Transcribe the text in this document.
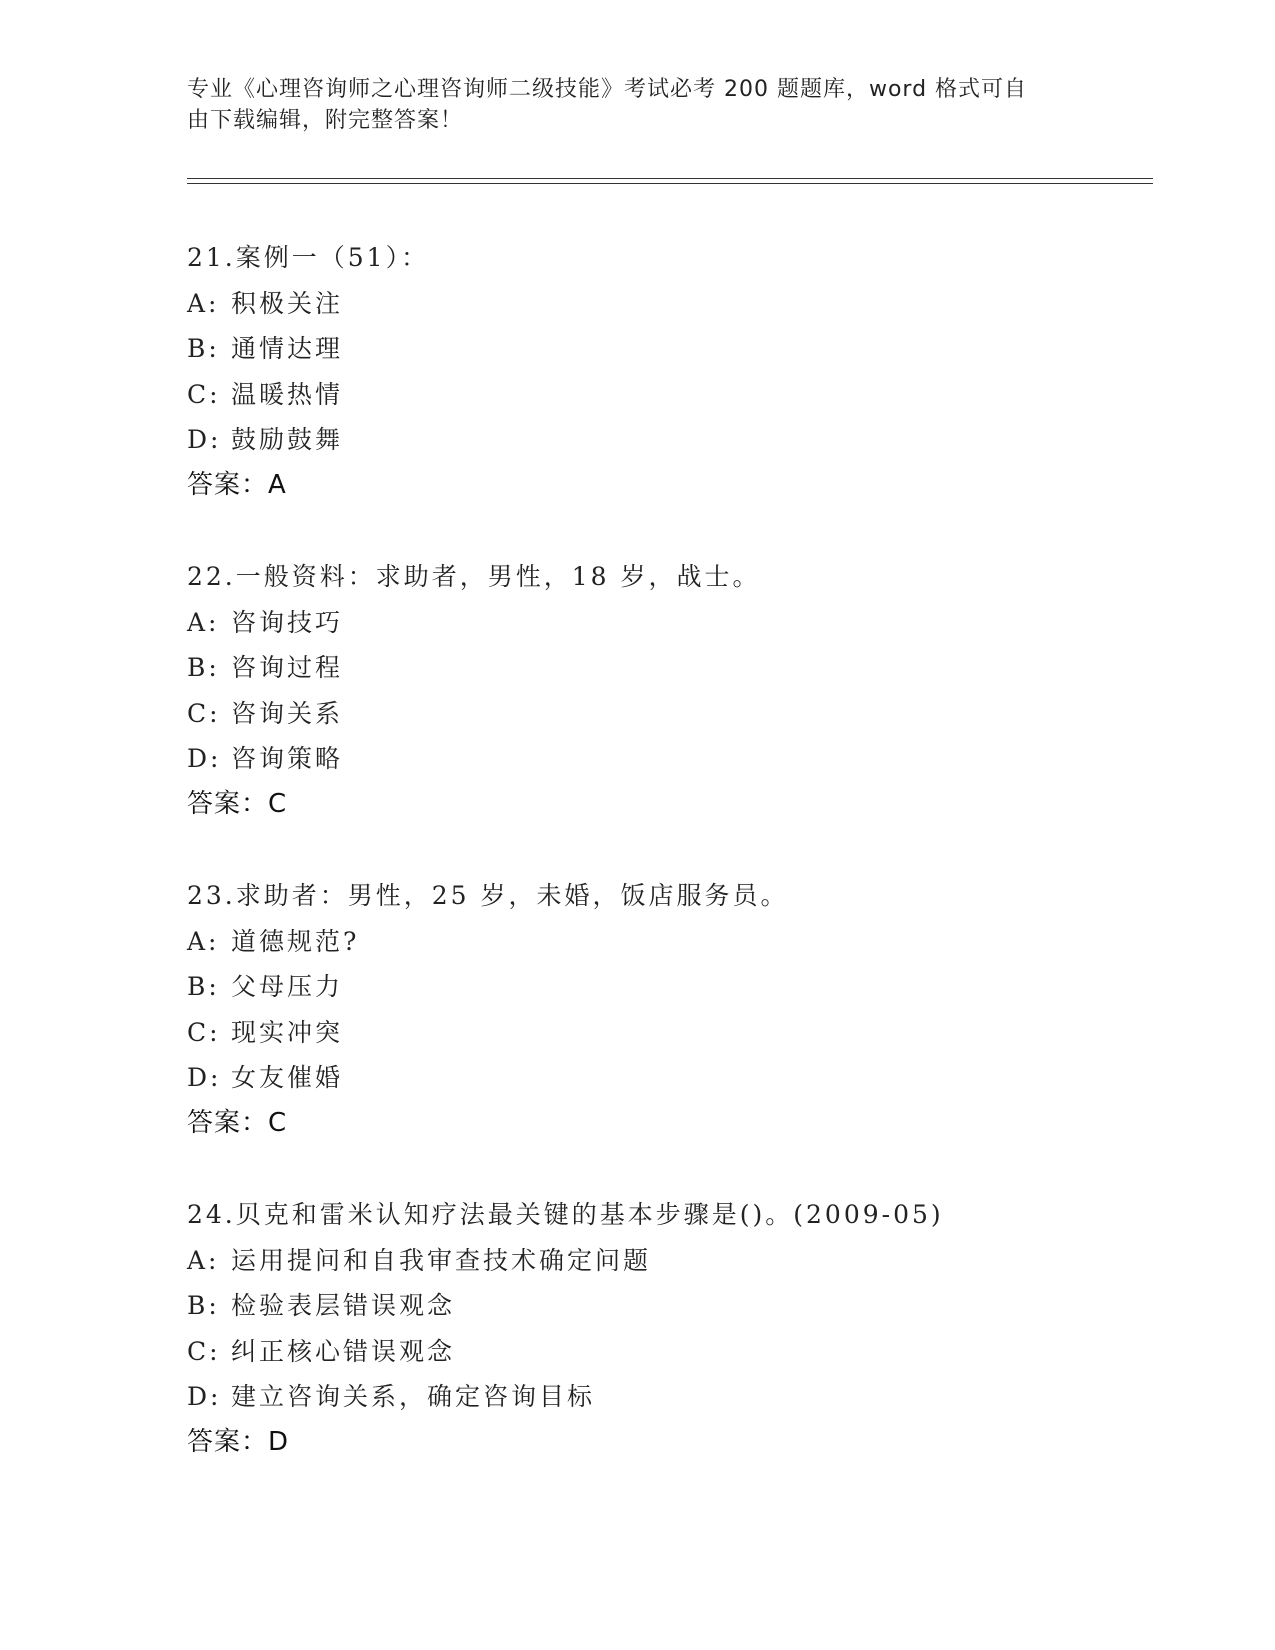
专业《心理咨询师之心理咨询师二级技能》考试必考 200 题题库，word 格式可自
由下载编辑，附完整答案！
21.案例一（51）：
A: 积极关注
B: 通情达理
C: 温暖热情
D: 鼓励鼓舞
答案：A
22.一般资料：求助者，男性，18 岁，战士。
A: 咨询技巧
B: 咨询过程
C: 咨询关系
D: 咨询策略
答案：C
23.求助者：男性，25 岁，未婚，饭店服务员。
A: 道德规范?
B: 父母压力
C: 现实冲突
D: 女友催婚
答案：C
24.贝克和雷米认知疗法最关键的基本步骤是()。(2009-05)
A: 运用提问和自我审查技术确定问题
B: 检验表层错误观念
C: 纠正核心错误观念
D: 建立咨询关系，确定咨询目标
答案：D
